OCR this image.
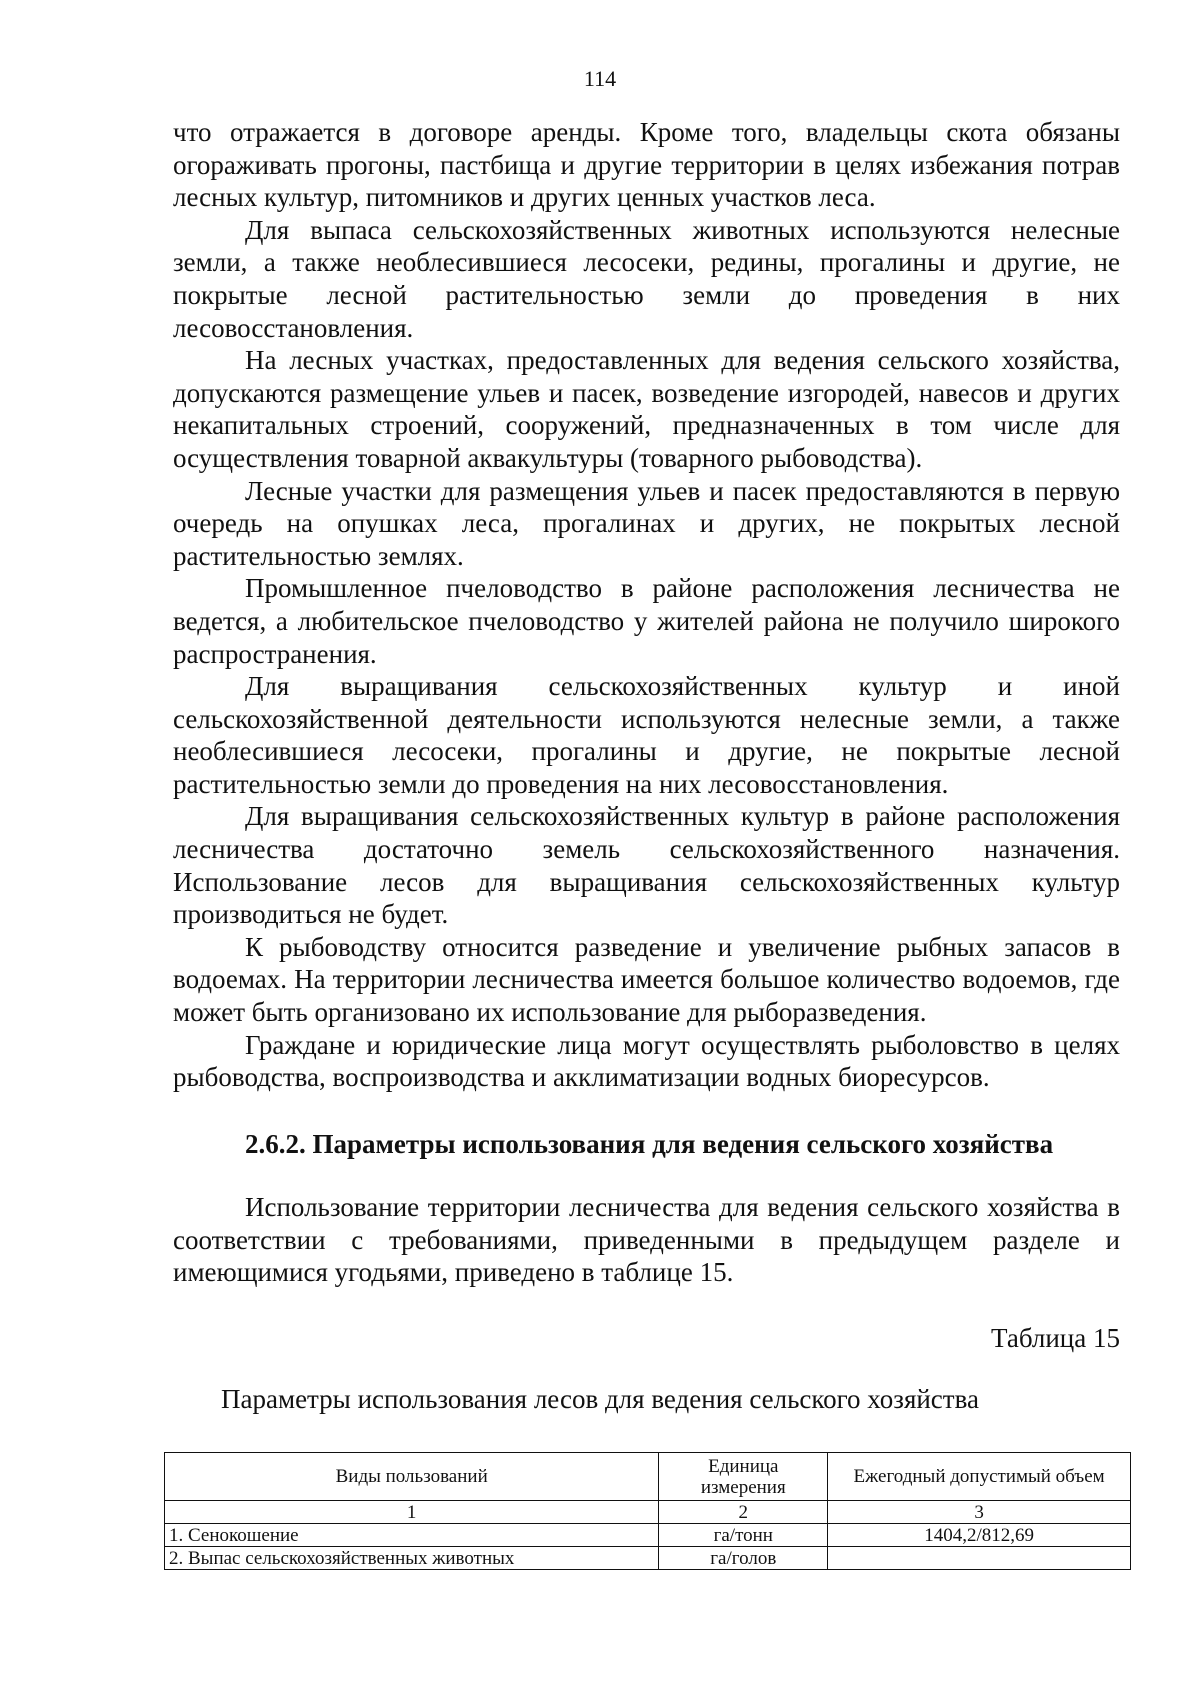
114

что отражается в договоре аренды. Кроме того, владельцы скота обязаны огораживать прогоны, пастбища и другие территории в целях избежания потрав лесных культур, питомников и других ценных участков леса.

Для выпаса сельскохозяйственных животных используются нелесные земли, а также необлесившиеся лесосеки, редины, прогалины и другие, не покрытые лесной растительностью земли до проведения в них лесовосстановления.

На лесных участках, предоставленных для ведения сельского хозяйства, допускаются размещение ульев и пасек, возведение изгородей, навесов и других некапитальных строений, сооружений, предназначенных в том числе для осуществления товарной аквакультуры (товарного рыбоводства).

Лесные участки для размещения ульев и пасек предоставляются в первую очередь на опушках леса, прогалинах и других, не покрытых лесной растительностью землях.

Промышленное пчеловодство в районе расположения лесничества не ведется, а любительское пчеловодство у жителей района не получило широкого распространения.

Для выращивания сельскохозяйственных культур и иной сельскохозяйственной деятельности используются нелесные земли, а также необлесившиеся лесосеки, прогалины и другие, не покрытые лесной растительностью земли до проведения на них лесовосстановления.

Для выращивания сельскохозяйственных культур в районе расположения лесничества достаточно земель сельскохозяйственного назначения. Использование лесов для выращивания сельскохозяйственных культур производиться не будет.

К рыбоводству относится разведение и увеличение рыбных запасов в водоемах. На территории лесничества имеется большое количество водоемов, где может быть организовано их использование для рыборазведения.

Граждане и юридические лица могут осуществлять рыболовство в целях рыбоводства, воспроизводства и акклиматизации водных биоресурсов.

2.6.2. Параметры использования для ведения сельского хозяйства

Использование территории лесничества для ведения сельского хозяйства в соответствии с требованиями, приведенными в предыдущем разделе и имеющимися угодьями, приведено в таблице 15.

Таблица 15
Параметры использования лесов для ведения сельского хозяйства
Виды пользований	Единица измерения	Ежегодный допустимый объем
1	2	3
1. Сенокошение	га/тонн	1404,2/812,69
2. Выпас сельскохозяйственных животных	га/голов	
